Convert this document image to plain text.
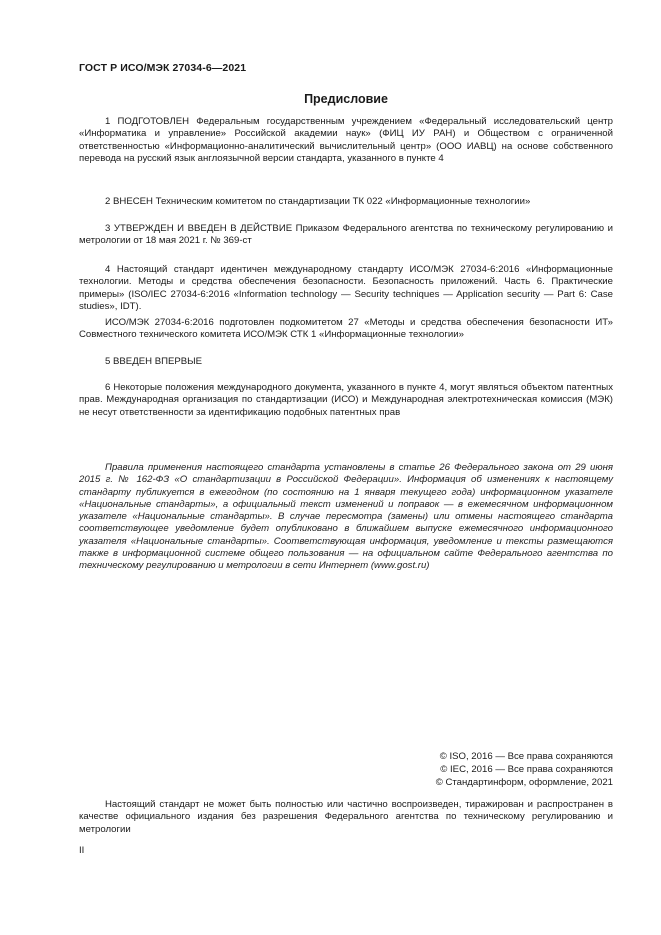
ГОСТ Р ИСО/МЭК 27034-6—2021
Предисловие

1 ПОДГОТОВЛЕН Федеральным государственным учреждением «Федеральный исследовательский центр «Информатика и управление» Российской академии наук» (ФИЦ ИУ РАН) и Обществом с ограниченной ответственностью «Информационно-аналитический вычислительный центр» (ООО ИАВЦ) на основе собственного перевода на русский язык англоязычной версии стандарта, указанного в пункте 4

2 ВНЕСЕН Техническим комитетом по стандартизации ТК 022 «Информационные технологии»

3 УТВЕРЖДЕН И ВВЕДЕН В ДЕЙСТВИЕ Приказом Федерального агентства по техническому регулированию и метрологии от 18 мая 2021 г. № 369-ст

4 Настоящий стандарт идентичен международному стандарту ИСО/МЭК 27034-6:2016 «Информационные технологии. Методы и средства обеспечения безопасности. Безопасность приложений. Часть 6. Практические примеры» (ISO/IEC 27034-6:2016 «Information technology — Security techniques — Application security — Part 6: Case studies», IDT).

ИСО/МЭК 27034-6:2016 подготовлен подкомитетом 27 «Методы и средства обеспечения безопасности ИТ» Совместного технического комитета ИСО/МЭК СТК 1 «Информационные технологии»

5 ВВЕДЕН ВПЕРВЫЕ

6 Некоторые положения международного документа, указанного в пункте 4, могут являться объектом патентных прав. Международная организация по стандартизации (ИСО) и Международная электротехническая комиссия (МЭК) не несут ответственности за идентификацию подобных патентных прав

Правила применения настоящего стандарта установлены в статье 26 Федерального закона от 29 июня 2015 г. № 162-ФЗ «О стандартизации в Российской Федерации». Информация об изменениях к настоящему стандарту публикуется в ежегодном (по состоянию на 1 января текущего года) информационном указателе «Национальные стандарты», а официальный текст изменений и поправок — в ежемесячном информационном указателе «Национальные стандарты». В случае пересмотра (замены) или отмены настоящего стандарта соответствующее уведомление будет опубликовано в ближайшем выпуске ежемесячного информационного указателя «Национальные стандарты». Соответствующая информация, уведомление и тексты размещаются также в информационной системе общего пользования — на официальном сайте Федерального агентства по техническому регулированию и метрологии в сети Интернет (www.gost.ru)

© ISO, 2016 — Все права сохраняются
© IEC, 2016 — Все права сохраняются
© Стандартинформ, оформление, 2021

Настоящий стандарт не может быть полностью или частично воспроизведен, тиражирован и распространен в качестве официального издания без разрешения Федерального агентства по техническому регулированию и метрологии

II
